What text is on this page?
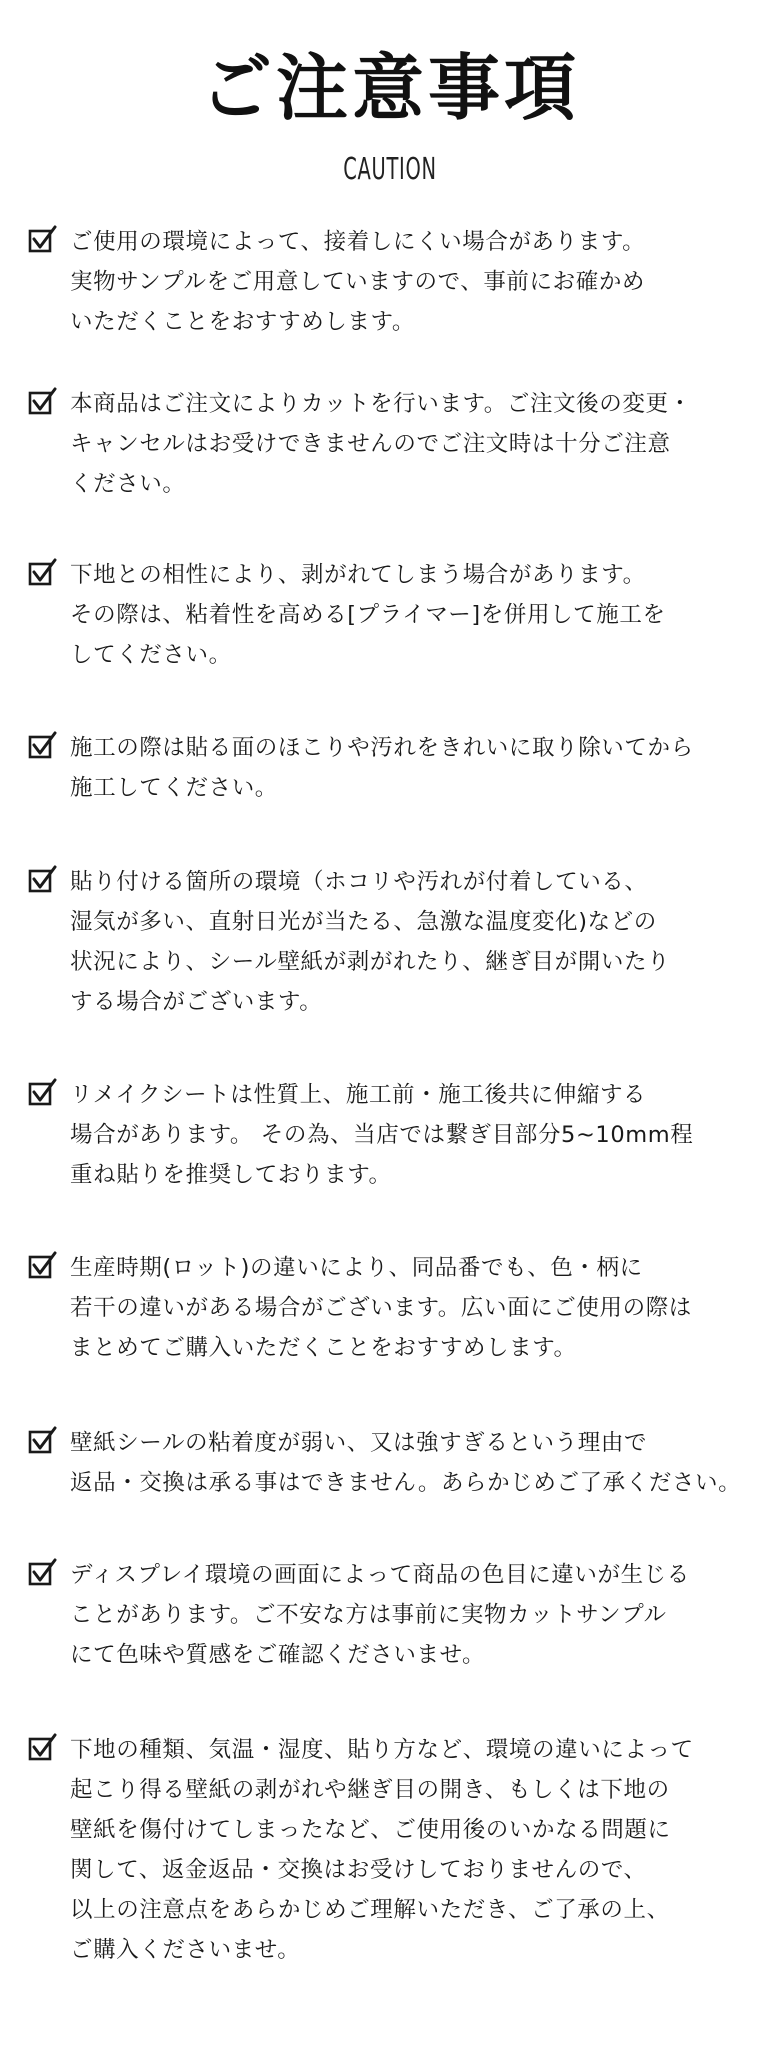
ご注意事項
CAUTION
ご使用の環境によって、接着しにくい場合があります。
実物サンプルをご用意していますので、事前にお確かめ
いただくことをおすすめします。
本商品はご注文によりカットを行います。ご注文後の変更・
キャンセルはお受けできませんのでご注文時は十分ご注意
ください。
下地との相性により、剥がれてしまう場合があります。
その際は、粘着性を高める[プライマー]を併用して施工を
してください。
施工の際は貼る面のほこりや汚れをきれいに取り除いてから
施工してください。
貼り付ける箇所の環境（ホコリや汚れが付着している、
湿気が多い、直射日光が当たる、急激な温度変化)などの
状況により、シール壁紙が剥がれたり、継ぎ目が開いたり
する場合がございます。
リメイクシートは性質上、施工前・施工後共に伸縮する
場合があります。 その為、当店では繋ぎ目部分5~10mm程
重ね貼りを推奨しております。
生産時期(ロット)の違いにより、同品番でも、色・柄に
若干の違いがある場合がございます。広い面にご使用の際は
まとめてご購入いただくことをおすすめします。
壁紙シールの粘着度が弱い、又は強すぎるという理由で
返品・交換は承る事はできません。あらかじめご了承ください。
ディスプレイ環境の画面によって商品の色目に違いが生じる
ことがあります。ご不安な方は事前に実物カットサンプル
にて色味や質感をご確認くださいませ。
下地の種類、気温・湿度、貼り方など、環境の違いによって
起こり得る壁紙の剥がれや継ぎ目の開き、もしくは下地の
壁紙を傷付けてしまったなど、ご使用後のいかなる問題に
関して、返金返品・交換はお受けしておりませんので、
以上の注意点をあらかじめご理解いただき、ご了承の上、
ご購入くださいませ。
